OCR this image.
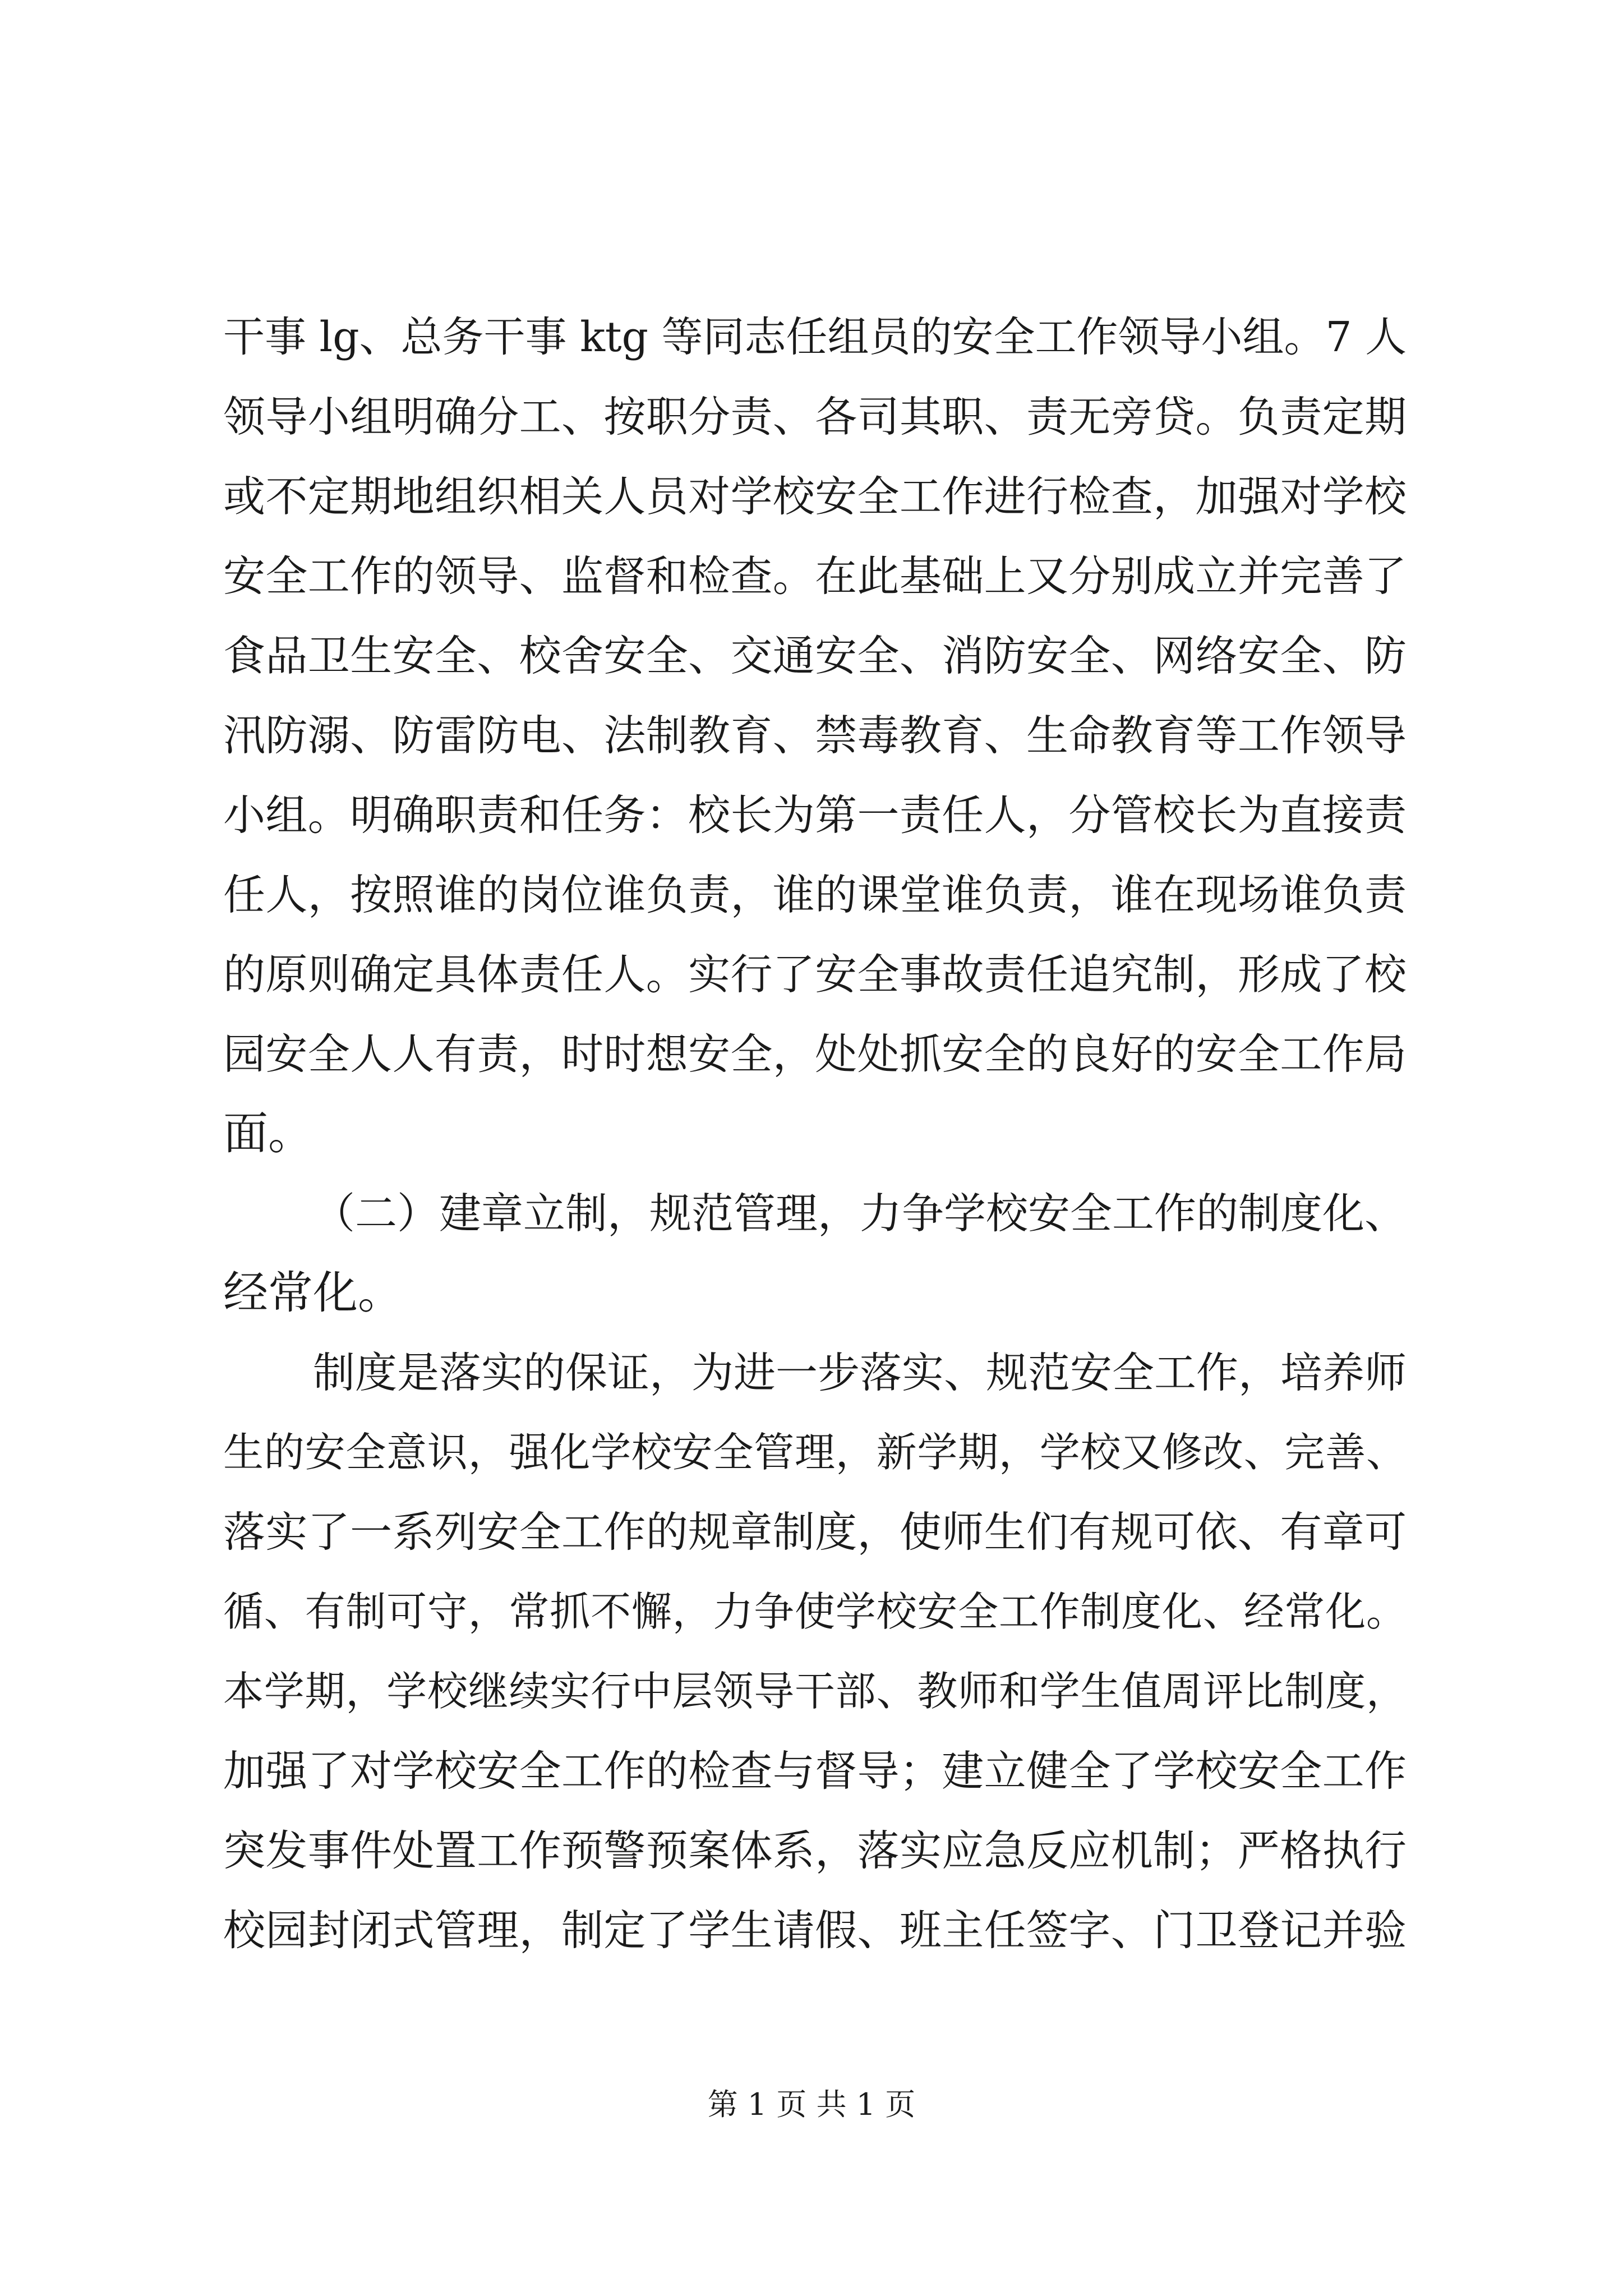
干事 lg、总务干事 ktg 等同志任组员的安全工作领导小组。7 人
领导小组明确分工、按职分责、各司其职、责无旁贷。负责定期
或不定期地组织相关人员对学校安全工作进行检查，加强对学校
安全工作的领导、监督和检查。在此基础上又分别成立并完善了
食品卫生安全、校舍安全、交通安全、消防安全、网络安全、防
汛防溺、防雷防电、法制教育、禁毒教育、生命教育等工作领导
小组。明确职责和任务：校长为第一责任人，分管校长为直接责
任人，按照谁的岗位谁负责，谁的课堂谁负责，谁在现场谁负责
的原则确定具体责任人。实行了安全事故责任追究制，形成了校
园安全人人有责，时时想安全，处处抓安全的良好的安全工作局
面。
（二）建章立制，规范管理，力争学校安全工作的制度化、
经常化。
制度是落实的保证，为进一步落实、规范安全工作，培养师
生的安全意识，强化学校安全管理，新学期，学校又修改、完善、
落实了一系列安全工作的规章制度，使师生们有规可依、有章可
循、有制可守，常抓不懈，力争使学校安全工作制度化、经常化。
本学期，学校继续实行中层领导干部、教师和学生值周评比制度，
加强了对学校安全工作的检查与督导；建立健全了学校安全工作
突发事件处置工作预警预案体系，落实应急反应机制；严格执行
校园封闭式管理，制定了学生请假、班主任签字、门卫登记并验
第 1 页 共 1 页
